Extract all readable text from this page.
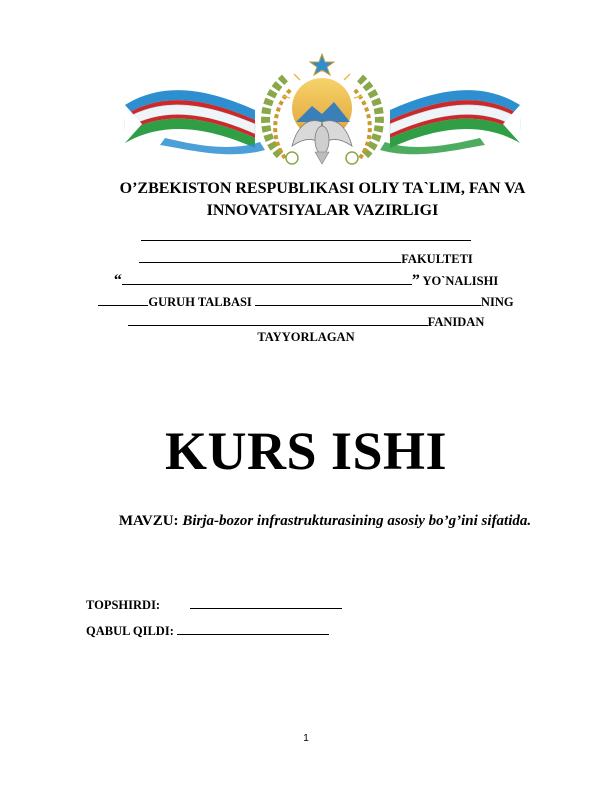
O’ZBEKISTON RESPUBLIKASI OLIY TA`LIM, FAN VA
INNOVATSIYALAR VAZIRLIGI
FAKULTETI
“	” YO`NALISHI
GURUH TALBASI	NING
FANIDAN
TAYYORLAGAN
KURS ISHI
MAVZU: Birja-bozor infrastrukturasining asosiy bo’g’ini sifatida.
TOPSHIRDI:
QABUL QILDI:
1
